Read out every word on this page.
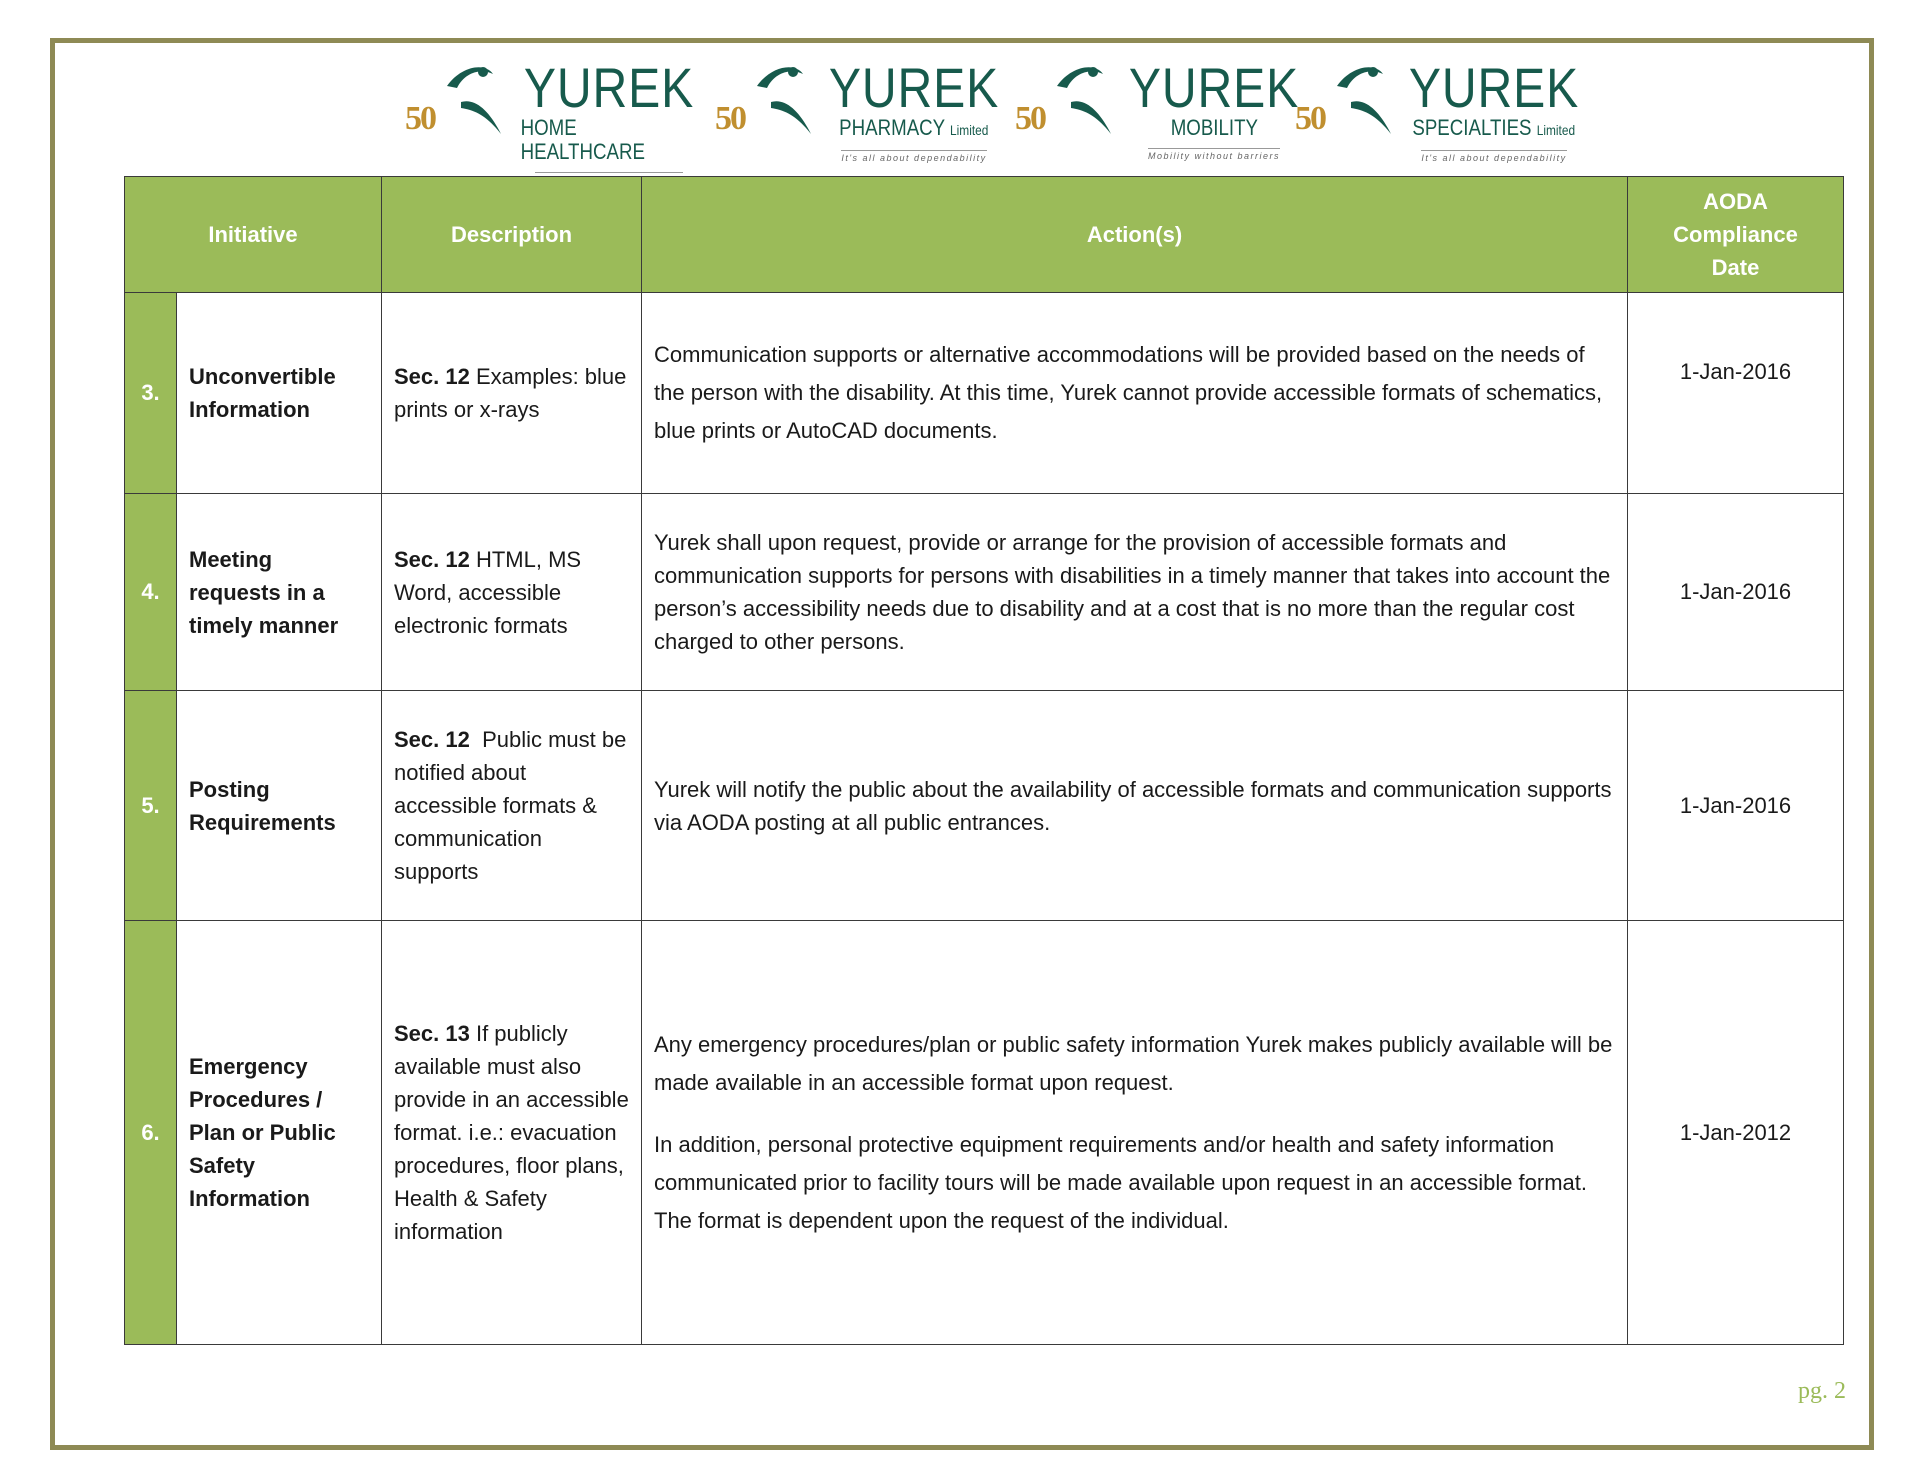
50 YUREK
HOME HEALTHCARE
50 YUREK
PHARMACY Limited
It's all about dependability
50 YUREK
MOBILITY
Mobility without barriers
50 YUREK
SPECIALTIES Limited
It's all about dependability
Initiative		Description	Action(s)	AODA
Compliance
Date
3.	Unconvertible Information	Sec. 12 Examples: blue prints or x-rays	Communication supports or alternative accommodations will be provided based on the needs of the person with the disability. At this time, Yurek cannot provide accessible formats of schematics, blue prints or AutoCAD documents.	1-Jan-2016
4.	Meeting requests in a timely manner	Sec. 12 HTML, MS Word, accessible electronic formats	Yurek shall upon request, provide or arrange for the provision of accessible formats and communication supports for persons with disabilities in a timely manner that takes into account the person’s accessibility needs due to disability and at a cost that is no more than the regular cost charged to other persons.	1-Jan-2016
5.	Posting Requirements	Sec. 12 Public must be notified about accessible formats & communication supports	Yurek will notify the public about the availability of accessible formats and communication supports via AODA posting at all public entrances.	1-Jan-2016
6.	Emergency Procedures / Plan or Public Safety Information	Sec. 13 If publicly available must also provide in an accessible format. i.e.: evacuation procedures, floor plans, Health & Safety information	Any emergency procedures/plan or public safety information Yurek makes publicly available will be made available in an accessible format upon request.

In addition, personal protective equipment requirements and/or health and safety information communicated prior to facility tours will be made available upon request in an accessible format. The format is dependent upon the request of the individual.	1-Jan-2012
pg. 2
